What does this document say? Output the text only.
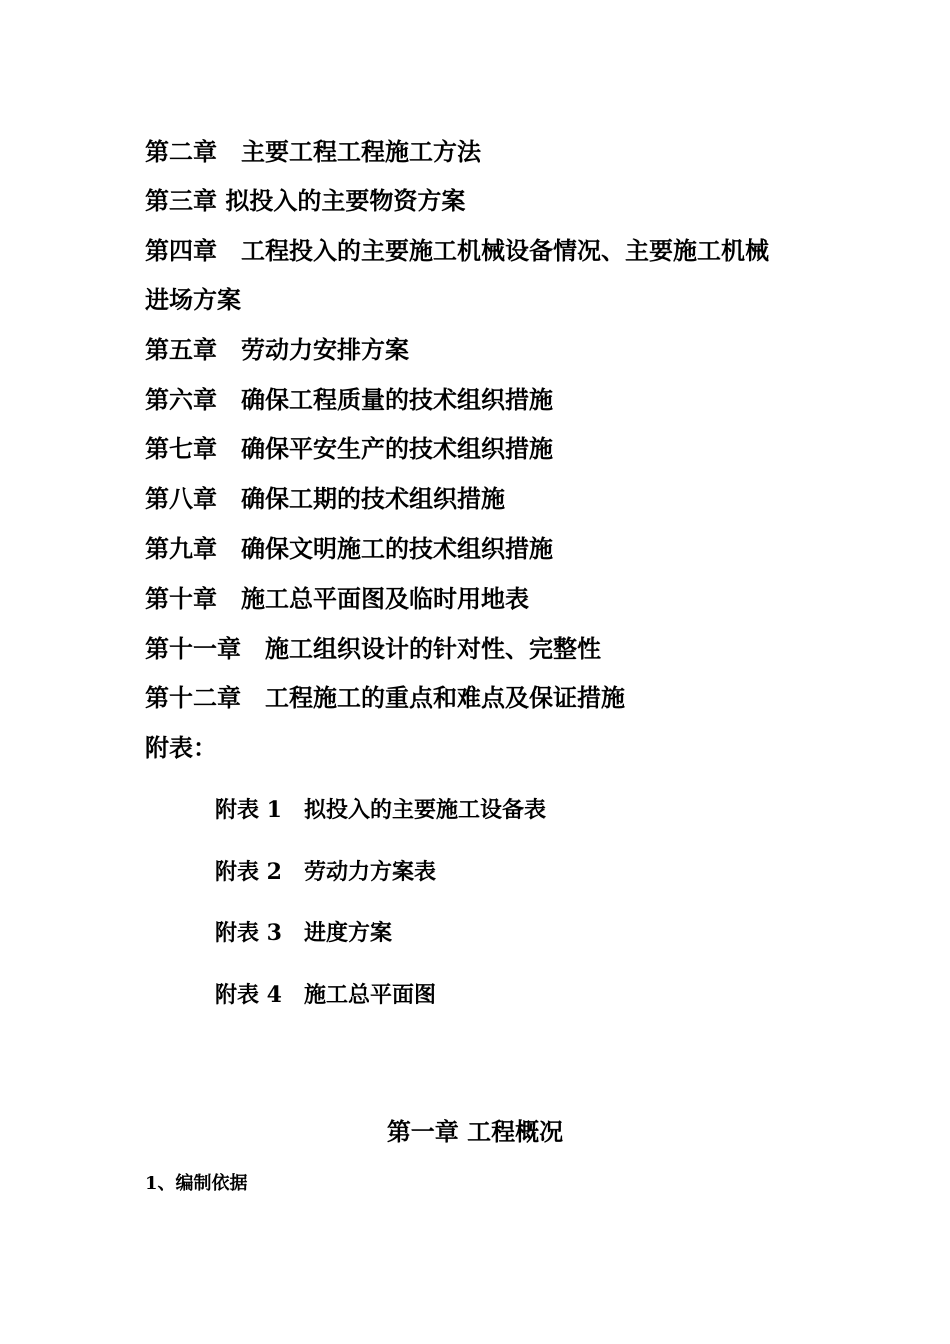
第二章　主要工程工程施工方法
第三章 拟投入的主要物资方案
第四章　工程投入的主要施工机械设备情况、主要施工机械
进场方案
第五章　劳动力安排方案
第六章　确保工程质量的技术组织措施
第七章　确保平安生产的技术组织措施
第八章　确保工期的技术组织措施
第九章　确保文明施工的技术组织措施
第十章　施工总平面图及临时用地表
第十一章　施工组织设计的针对性、完整性
第十二章　工程施工的重点和难点及保证措施
附表：
附表 1　拟投入的主要施工设备表
附表 2　劳动力方案表
附表 3　进度方案
附表 4　施工总平面图
第一章 工程概况
1、编制依据
